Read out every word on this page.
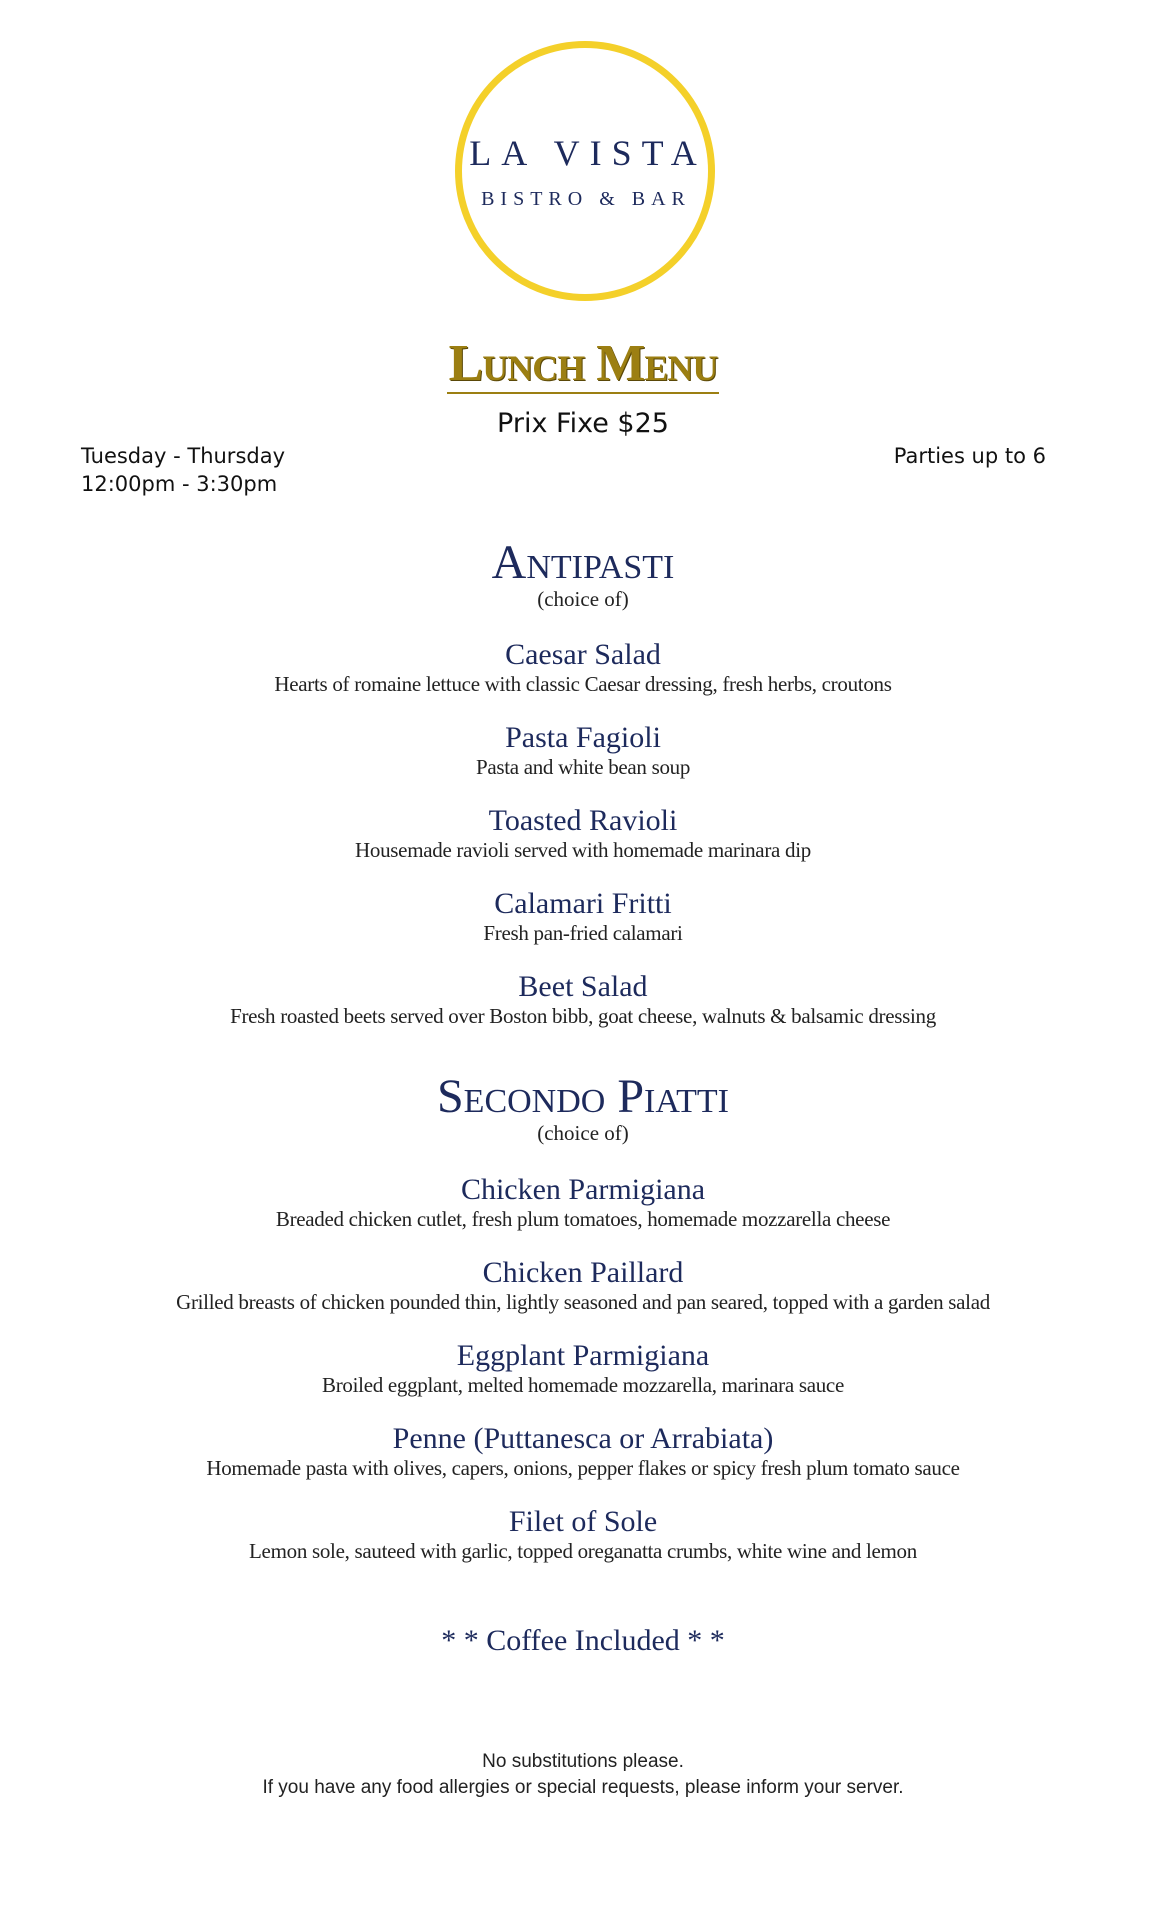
LA VISTA
BISTRO & BAR
Lunch Menu
Prix Fixe $25
Tuesday - Thursday
12:00pm - 3:30pm
Parties up to 6
Antipasti
(choice of)
Caesar Salad
Hearts of romaine lettuce with classic Caesar dressing, fresh herbs, croutons
Pasta Fagioli
Pasta and white bean soup
Toasted Ravioli
Housemade ravioli served with homemade marinara dip
Calamari Fritti
Fresh pan-fried calamari
Beet Salad
Fresh roasted beets served over Boston bibb, goat cheese, walnuts & balsamic dressing
Secondo Piatti
(choice of)
Chicken Parmigiana
Breaded chicken cutlet, fresh plum tomatoes, homemade mozzarella cheese
Chicken Paillard
Grilled breasts of chicken pounded thin, lightly seasoned and pan seared, topped with a garden salad
Eggplant Parmigiana
Broiled eggplant, melted homemade mozzarella, marinara sauce
Penne (Puttanesca or Arrabiata)
Homemade pasta with olives, capers, onions, pepper flakes or spicy fresh plum tomato sauce
Filet of Sole
Lemon sole, sauteed with garlic, topped oreganatta crumbs, white wine and lemon
* * Coffee Included * *
No substitutions please.
If you have any food allergies or special requests, please inform your server.
